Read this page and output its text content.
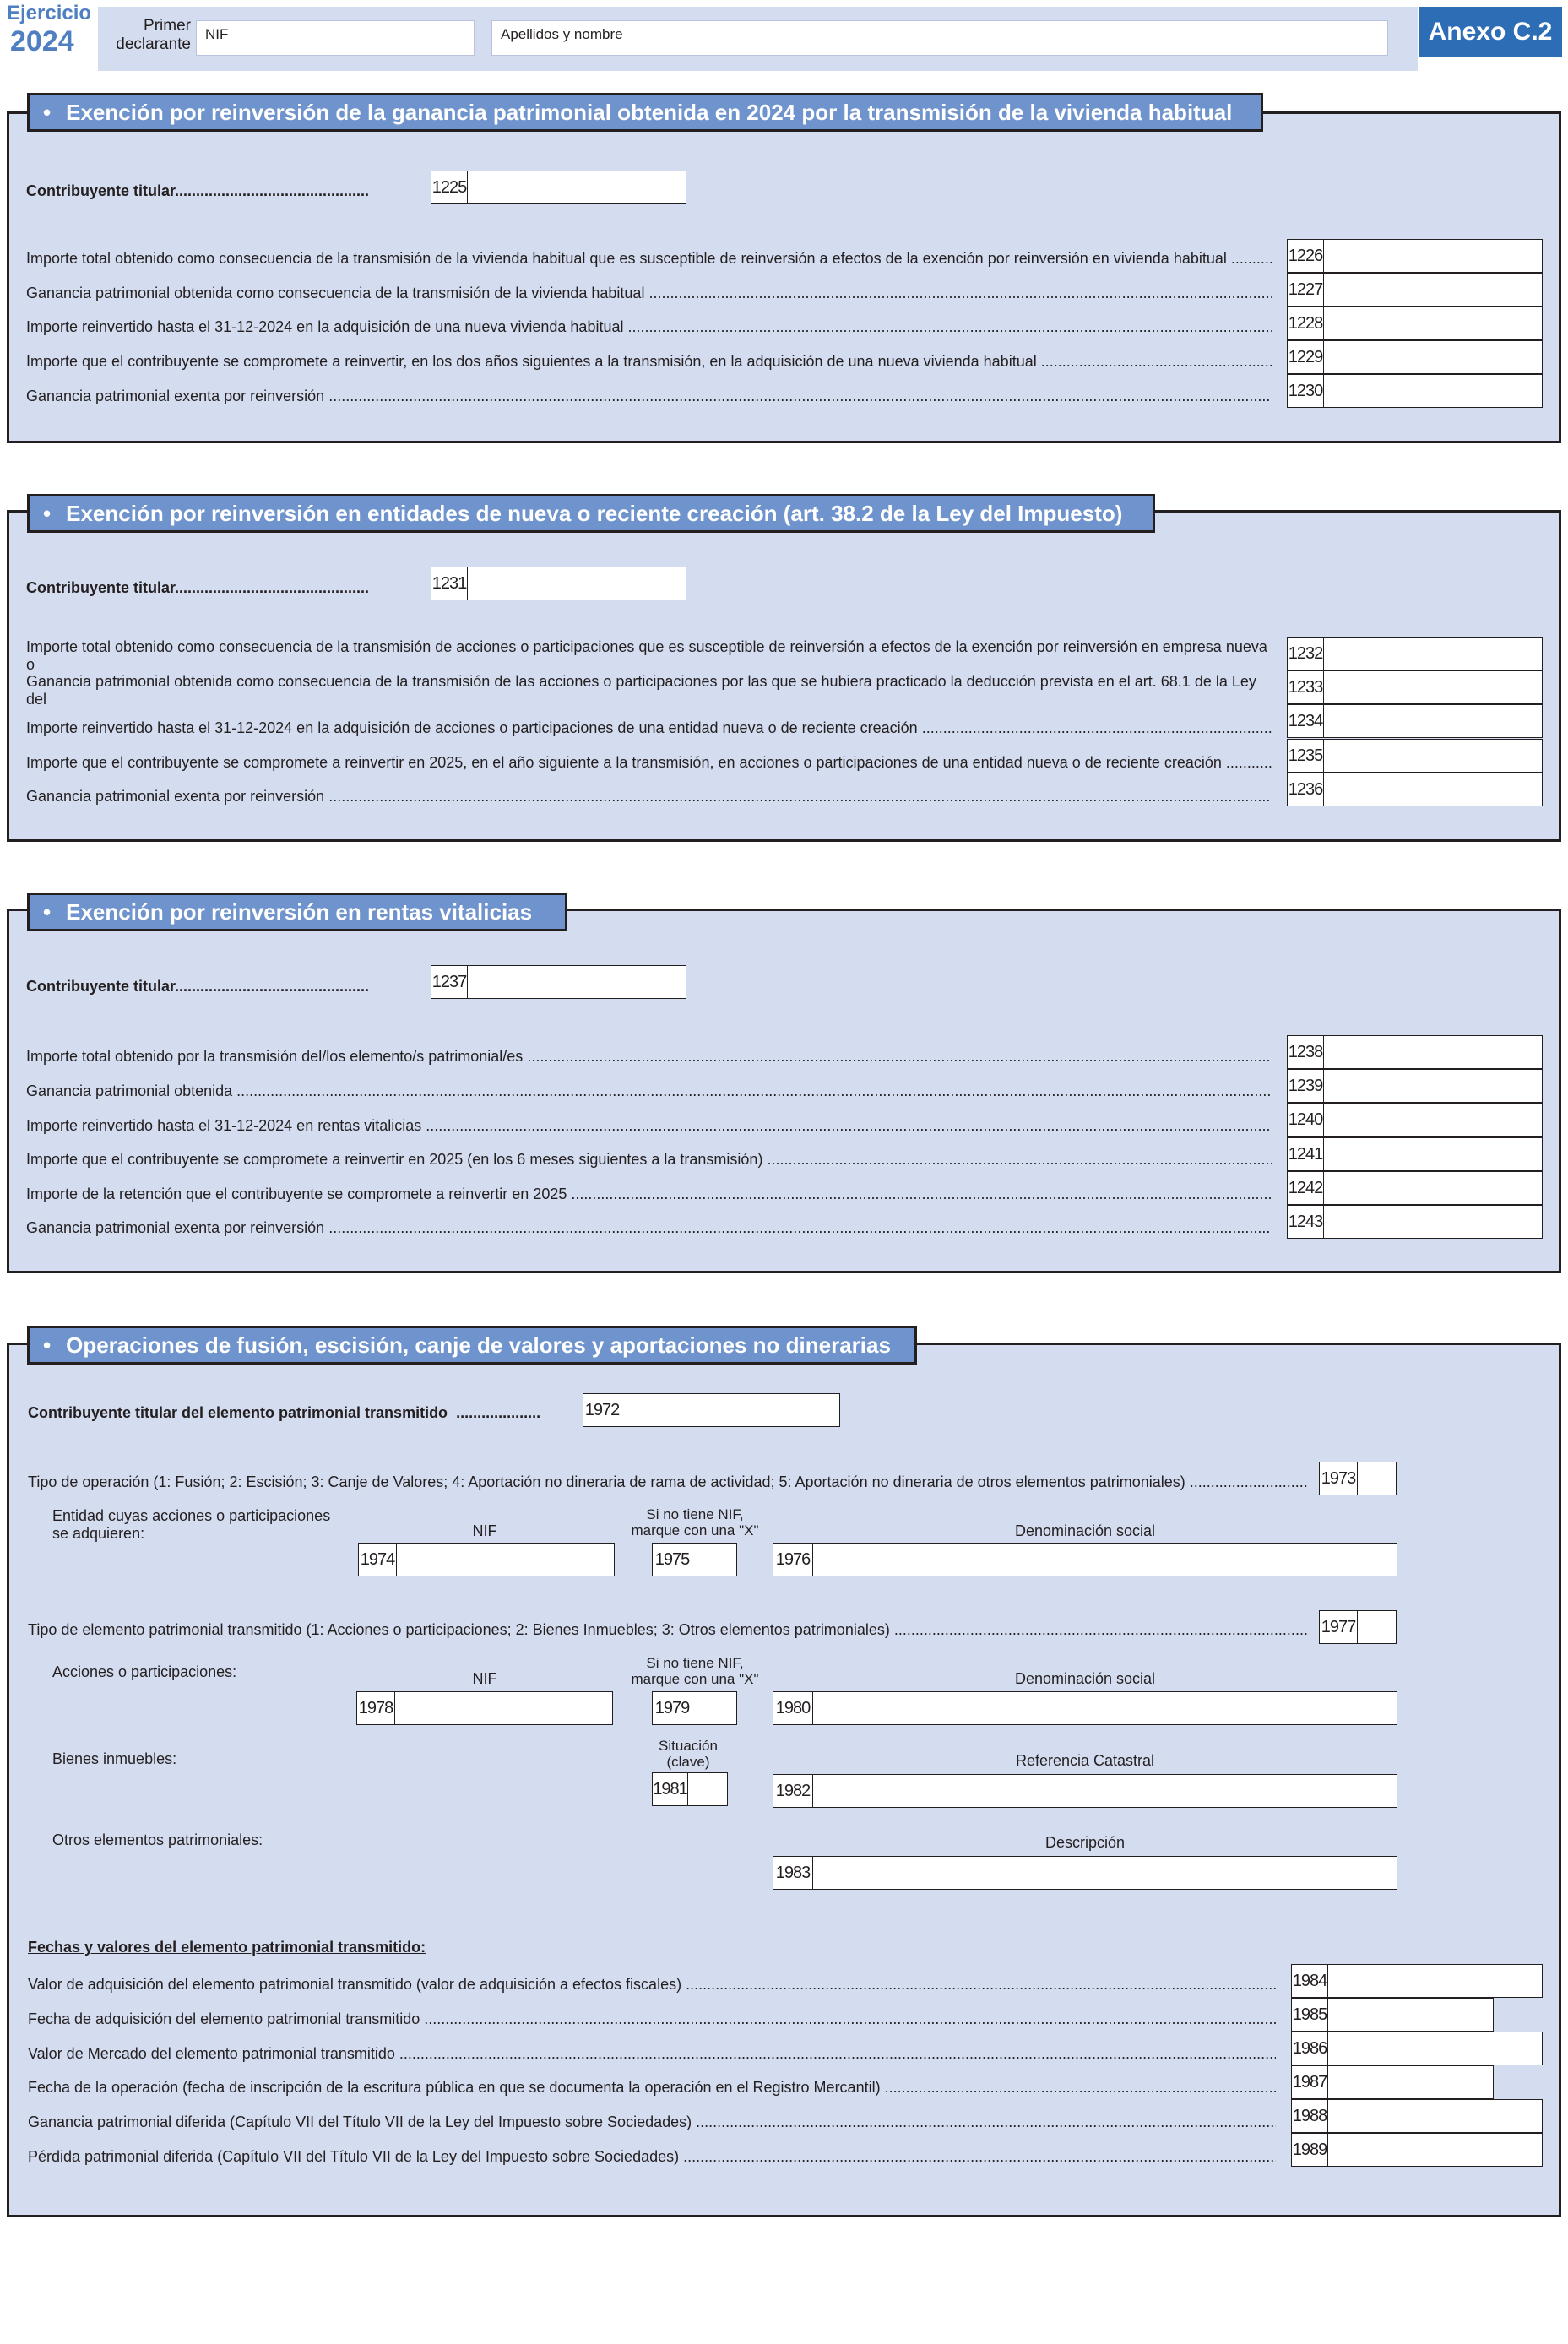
Ejercicio
2024	Primer declarante
NIF	Apellidos y nombre	Anexo C.2
• Exención por reinversión de la ganancia patrimonial obtenida en 2024 por la transmisión de la vivienda habitual
Contribuyente titular..............................................	1225
Importe total obtenido como consecuencia de la transmisión de la vivienda habitual que es susceptible de reinversión a efectos de la exención por reinversión en vivienda habitual .....	1226
Ganancia patrimonial obtenida como consecuencia de la transmisión de la vivienda habitual .....	1227
Importe reinvertido hasta el 31-12-2024 en la adquisición de una nueva vivienda habitual .....	1228
Importe que el contribuyente se compromete a reinvertir, en los dos años siguientes a la transmisión, en la adquisición de una nueva vivienda habitual .....	1229
Ganancia patrimonial exenta por reinversión .....	1230
• Exención por reinversión en entidades de nueva o reciente creación (art. 38.2 de la Ley del Impuesto)
Contribuyente titular..............................................	1231
Importe total obtenido como consecuencia de la transmisión de acciones o participaciones que es susceptible de reinversión a efectos de la exención por reinversión en empresa nueva o
1232
Ganancia patrimonial obtenida como consecuencia de la transmisión de las acciones o participaciones por las que se hubiera practicado la deducción prevista en el art. 68.1 de la Ley del
1233
Importe reinvertido hasta el 31-12-2024 en la adquisición de acciones o participaciones de una entidad nueva o de reciente creación .....	1234
Importe que el contribuyente se compromete a reinvertir en 2025, en el año siguiente a la transmisión, en acciones o participaciones de una entidad nueva o de reciente creación .....	1235
Ganancia patrimonial exenta por reinversión .....	1236
• Exención por reinversión en rentas vitalicias
Contribuyente titular..............................................	1237
Importe total obtenido por la transmisión del/los elemento/s patrimonial/es .....	1238
Ganancia patrimonial obtenida .....	1239
Importe reinvertido hasta el 31-12-2024 en rentas vitalicias .....	1240
Importe que el contribuyente se compromete a reinvertir en 2025 (en los 6 meses siguientes a la transmisión) .....	1241
Importe de la retención que el contribuyente se compromete a reinvertir en 2025 .....	1242
Ganancia patrimonial exenta por reinversión .....	1243
• Operaciones de fusión, escisión, canje de valores y aportaciones no dinerarias
Contribuyente titular del elemento patrimonial transmitido  ....................	1972
Tipo de operación (1: Fusión; 2: Escisión; 3: Canje de Valores; 4: Aportación no dineraria de rama de actividad; 5: Aportación no dineraria de otros elementos patrimoniales) .....	1973
Entidad cuyas acciones o participaciones
se adquieren:	NIF
Si no tiene NIF,
marque con una "X"	Denominación social
1974	1975	1976
Tipo de elemento patrimonial transmitido (1: Acciones o participaciones; 2: Bienes Inmuebles; 3: Otros elementos patrimoniales) .....	1977
Acciones o participaciones:	NIF
Si no tiene NIF,
marque con una "X"	Denominación social
1978	1979	1980
Bienes inmuebles:
Situación
(clave)	Referencia Catastral
1981	1982
Otros elementos patrimoniales:	Descripción
1983
Fechas y valores del elemento patrimonial transmitido:
Valor de adquisición del elemento patrimonial transmitido (valor de adquisición a efectos fiscales) .....	1984
Fecha de adquisición del elemento patrimonial transmitido .....	1985
Valor de Mercado del elemento patrimonial transmitido .....	1986
Fecha de la operación (fecha de inscripción de la escritura pública en que se documenta la operación en el Registro Mercantil) .....	1987
Ganancia patrimonial diferida (Capítulo VII del Título VII de la Ley del Impuesto sobre Sociedades) .....	1988
Pérdida patrimonial diferida (Capítulo VII del Título VII de la Ley del Impuesto sobre Sociedades) .....	1989
